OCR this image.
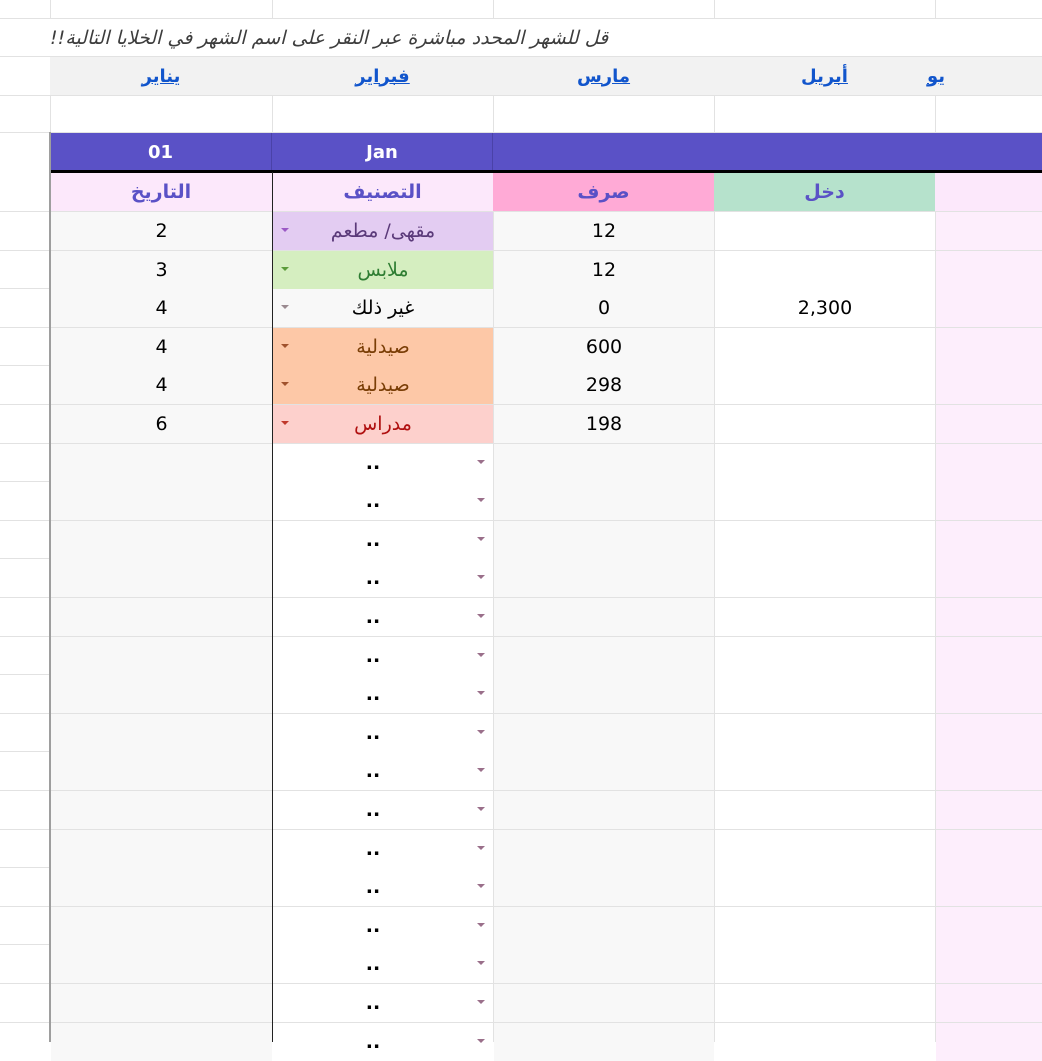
قل للشهر المحدد مباشرة عبر النقر على اسم الشهر في الخلايا التالية!!
يناير	فبراير	مارس	أبريل	يو
01	Jan
التاريخ	التصنيف	صرف	دخل
2	مقهى/ مطعم	12
3	ملابس	12
4	غير ذلك	0	2,300
4	صيدلية	600
4	صيدلية	298
6	مدراس	198
..
..
..
..
..
..
..
..
..
..
..
..
..
..
..
..
